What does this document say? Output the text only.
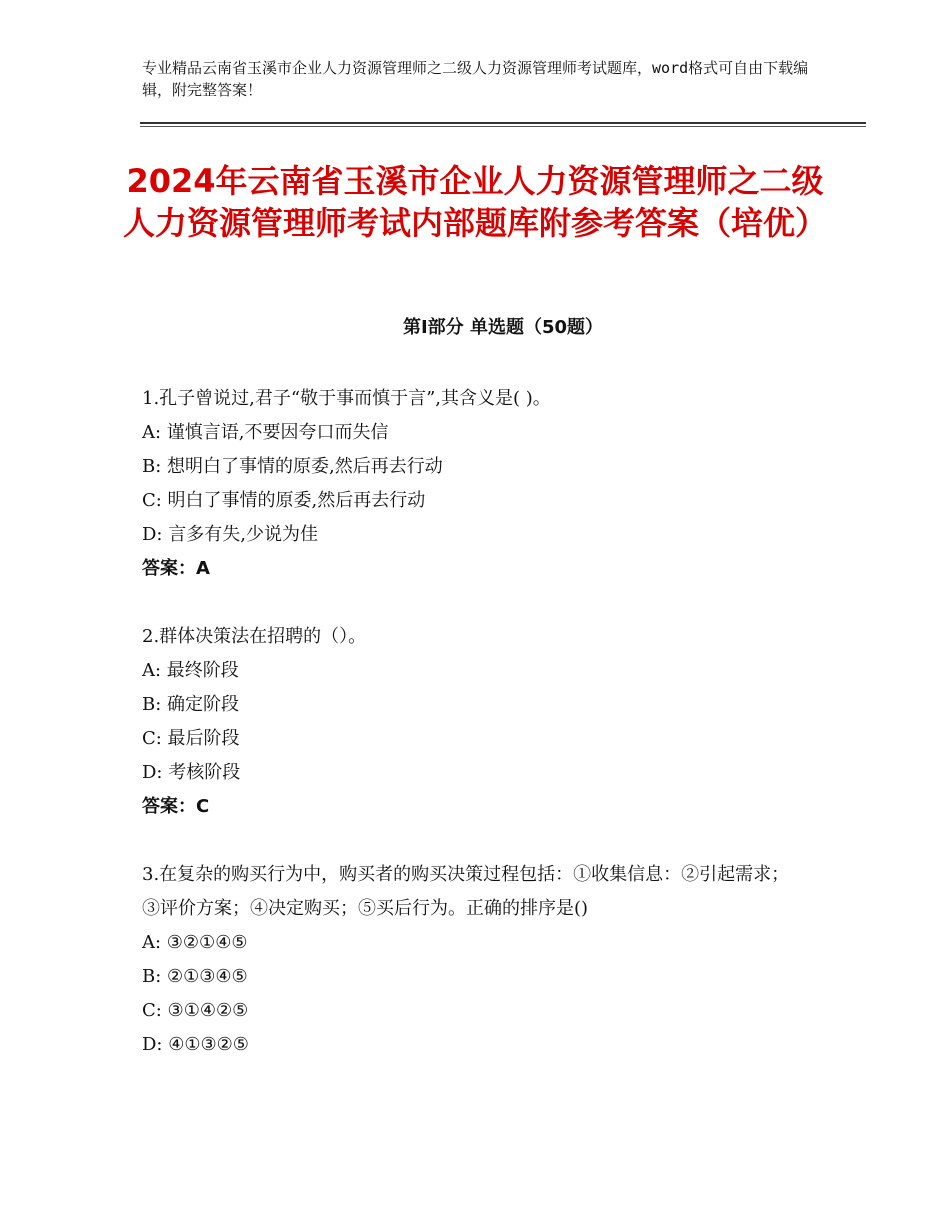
专业精品云南省玉溪市企业人力资源管理师之二级人力资源管理师考试题库，word格式可自由下载编辑，附完整答案！
2024年云南省玉溪市企业人力资源管理师之二级人力资源管理师考试内部题库附参考答案（培优）
第Ⅰ部分 单选题（50题）

1.孔子曾说过,君子“敬于事而慎于言”,其含义是( )。

A: 谨慎言语,不要因夸口而失信

B: 想明白了事情的原委,然后再去行动

C: 明白了事情的原委,然后再去行动

D: 言多有失,少说为佳

答案：A

2.群体决策法在招聘的（）。

A: 最终阶段

B: 确定阶段

C: 最后阶段

D: 考核阶段

答案：C

3.在复杂的购买行为中，购买者的购买决策过程包括：①收集信息：②引起需求；③评价方案；④决定购买；⑤买后行为。正确的排序是()

A: ③②①④⑤

B: ②①③④⑤

C: ③①④②⑤

D: ④①③②⑤
